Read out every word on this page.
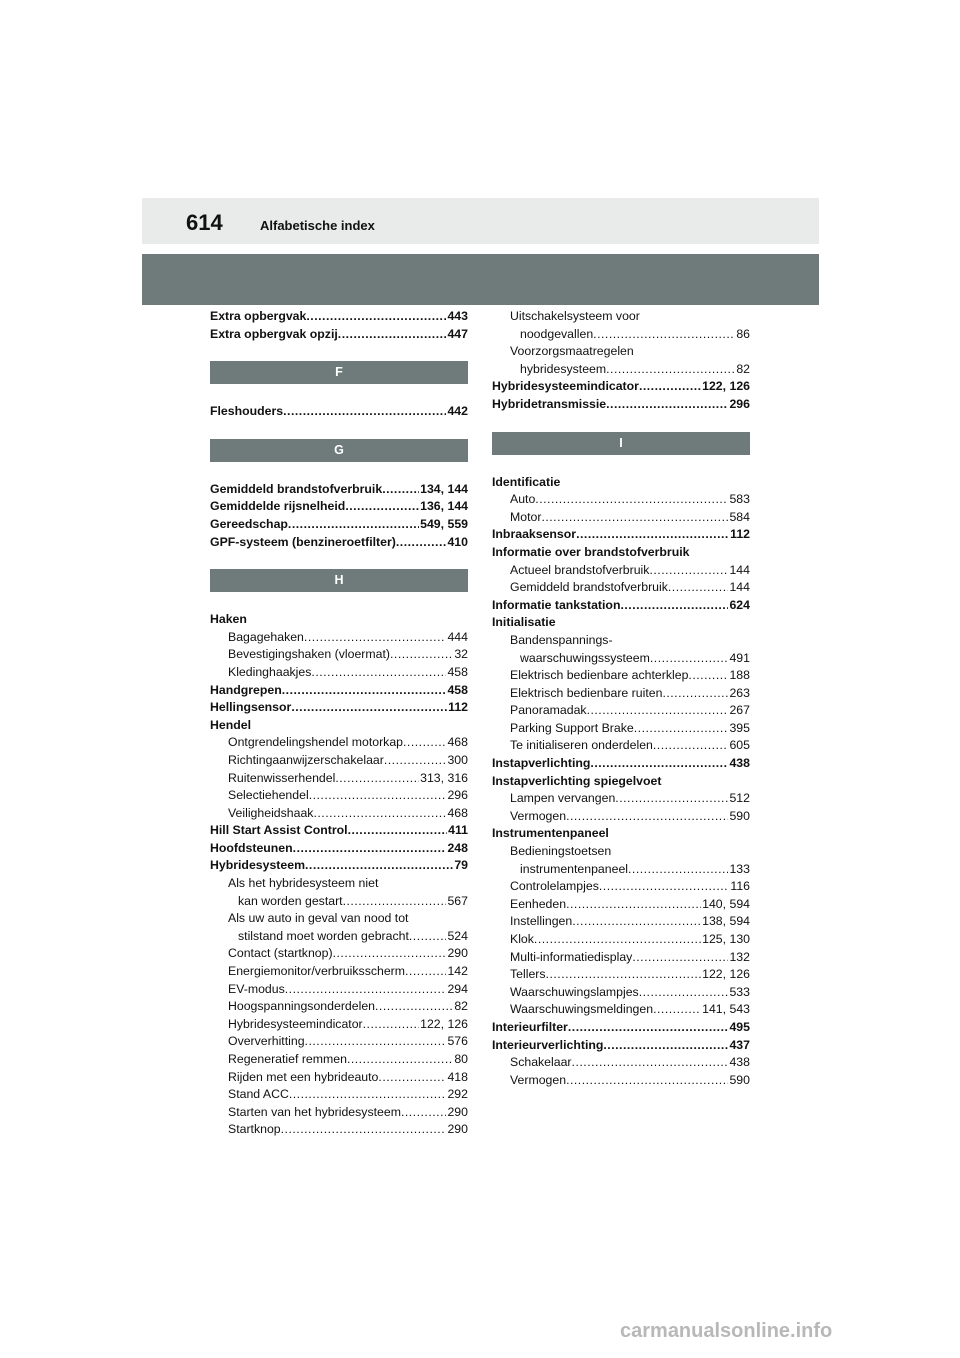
614	Alfabetische index
Extra opbergvak .....	443
Extra opbergvak opzij .....	447
F
Fleshouders .....	442
G
Gemiddeld brandstofverbruik .....	134, 144
Gemiddelde rijsnelheid .....	136, 144
Gereedschap .....	549, 559
GPF-systeem (benzineroetfilter) .....	410
H
Haken
Bagagehaken .....	444
Bevestigingshaken (vloermat) .....	32
Kledinghaakjes .....	458
Handgrepen .....	458
Hellingsensor .....	112
Hendel
Ontgrendelingshendel motorkap .....	468
Richtingaanwijzerschakelaar .....	300
Ruitenwisserhendel .....	313, 316
Selectiehendel .....	296
Veiligheidshaak .....	468
Hill Start Assist Control .....	411
Hoofdsteunen .....	248
Hybridesysteem .....	79
Als het hybridesysteem niet
kan worden gestart .....	567
Als uw auto in geval van nood tot
stilstand moet worden gebracht .....	524
Contact (startknop) .....	290
Energiemonitor/verbruiksscherm .....	142
EV-modus .....	294
Hoogspanningsonderdelen .....	82
Hybridesysteemindicator .....	122, 126
Oververhitting .....	576
Regeneratief remmen .....	80
Rijden met een hybrideauto .....	418
Stand ACC .....	292
Starten van het hybridesysteem .....	290
Startknop .....	290
Uitschakelsysteem voor
noodgevallen .....	86
Voorzorgsmaatregelen
hybridesysteem .....	82
Hybridesysteemindicator .....	122, 126
Hybridetransmissie .....	296
I
Identificatie
Auto .....	583
Motor .....	584
Inbraaksensor .....	112
Informatie over brandstofverbruik
Actueel brandstofverbruik .....	144
Gemiddeld brandstofverbruik .....	144
Informatie tankstation .....	624
Initialisatie
Bandenspannings-
waarschuwingssysteem .....	491
Elektrisch bedienbare achterklep .....	188
Elektrisch bedienbare ruiten .....	263
Panoramadak .....	267
Parking Support Brake .....	395
Te initialiseren onderdelen .....	605
Instapverlichting .....	438
Instapverlichting spiegelvoet
Lampen vervangen .....	512
Vermogen .....	590
Instrumentenpaneel
Bedieningstoetsen
instrumentenpaneel .....	133
Controlelampjes .....	116
Eenheden .....	140, 594
Instellingen .....	138, 594
Klok .....	125, 130
Multi-informatiedisplay .....	132
Tellers .....	122, 126
Waarschuwingslampjes .....	533
Waarschuwingsmeldingen .....	141, 543
Interieurfilter .....	495
Interieurverlichting .....	437
Schakelaar .....	438
Vermogen .....	590
carmanualsonline.info
